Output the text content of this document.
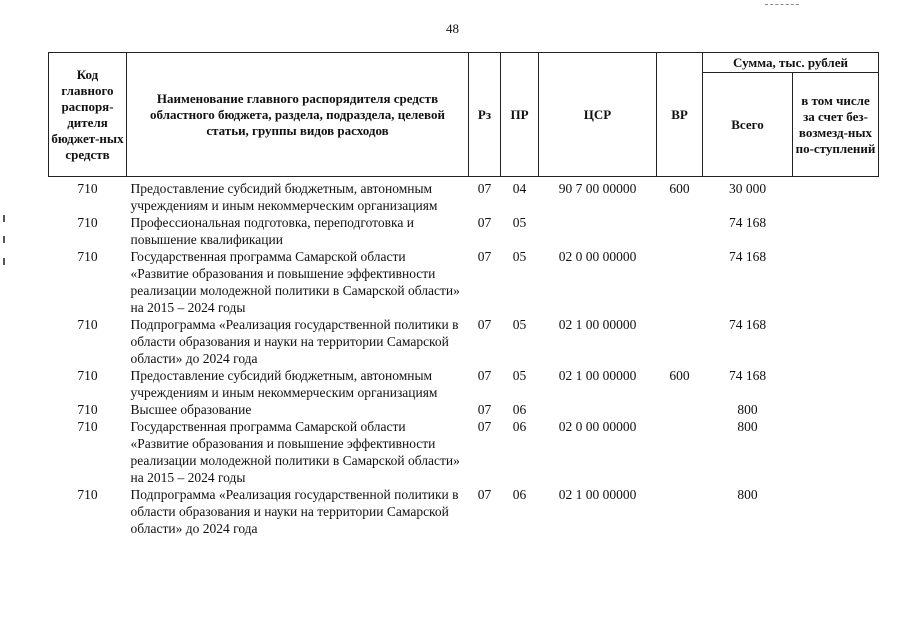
48
Код главного распоря-дителя бюджет-ных средств	Наименование главного распорядителя средств областного бюджета, раздела, подраздела, целевой статьи, группы видов расходов	Рз	ПР	ЦСР	ВР	Сумма, тыс. рублей	
						Всего	в том числе за счет без-возмезд-ных по-ступлений
710	Предоставление субсидий бюджетным, автономным учреждениям и иным некоммерческим организациям	07	04	90 7 00 00000	600	30 000	
710	Профессиональная подготовка, переподготовка и повышение квалификации	07	05			74 168	
710	Государственная программа Самарской области «Развитие образования и повышение эффективности реализации молодежной политики в Самарской области» на 2015 – 2024 годы	07	05	02 0 00 00000		74 168	
710	Подпрограмма «Реализация государственной политики в области образования и науки на территории Самарской области» до 2024 года	07	05	02 1 00 00000		74 168	
710	Предоставление субсидий бюджетным, автономным учреждениям и иным некоммерческим организациям	07	05	02 1 00 00000	600	74 168	
710	Высшее образование	07	06			800	
710	Государственная программа Самарской области «Развитие образования и повышение эффективности реализации молодежной политики в Самарской области» на 2015 – 2024 годы	07	06	02 0 00 00000		800	
710	Подпрограмма «Реализация государственной политики в области образования и науки на территории Самарской области» до 2024 года	07	06	02 1 00 00000		800	
